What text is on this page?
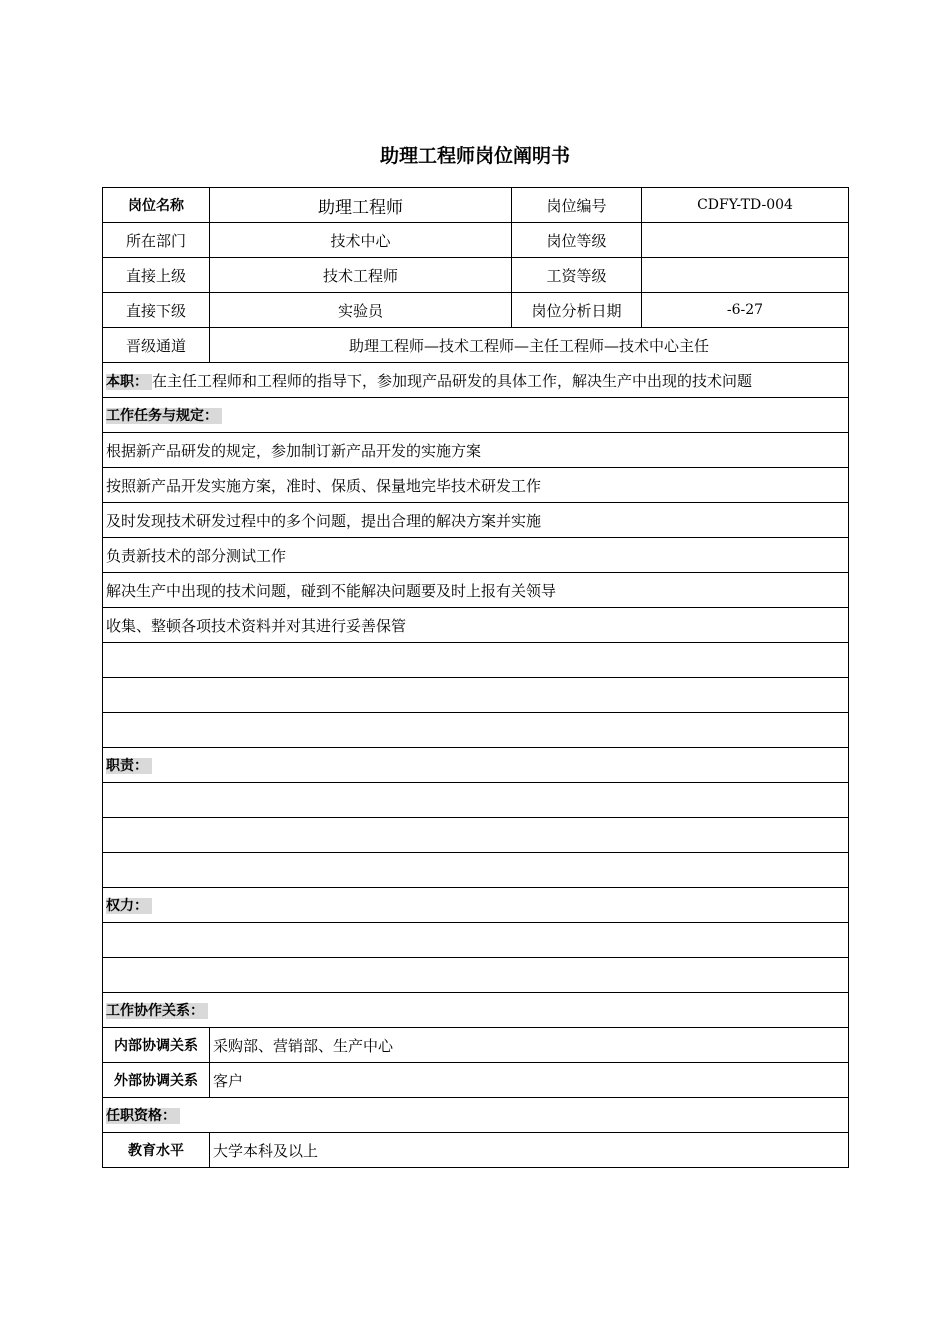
助理工程师岗位阐明书
岗位名称	助理工程师	岗位编号	CDFY-TD-004
所在部门	技术中心	岗位等级	
直接上级	技术工程师	工资等级	
直接下级	实验员	岗位分析日期	-6-27
晋级通道	助理工程师—技术工程师—主任工程师—技术中心主任		
本职： 在主任工程师和工程师的指导下，参加现产品研发的具体工作，解决生产中出现的技术问题			
工作任务与规定：			
根据新产品研发的规定，参加制订新产品开发的实施方案			
按照新产品开发实施方案，准时、保质、保量地完毕技术研发工作			
及时发现技术研发过程中的多个问题，提出合理的解决方案并实施			
负责新技术的部分测试工作			
解决生产中出现的技术问题，碰到不能解决问题要及时上报有关领导			
收集、整顿各项技术资料并对其进行妥善保管			

职责：			

权力：			

工作协作关系：			
内部协调关系	采购部、营销部、生产中心		
外部协调关系	客户		
任职资格：			
教育水平	大学本科及以上		
